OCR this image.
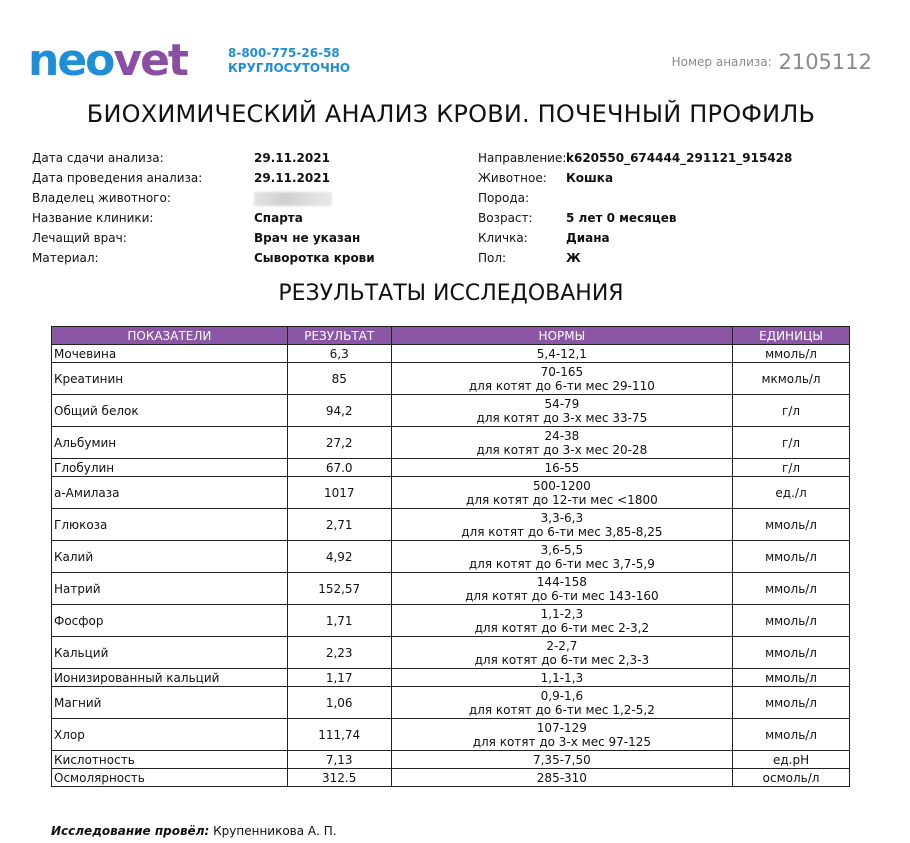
neovet	8-800-775-26-58
КРУГЛОСУТОЧНО	Номер анализа: 2105112
БИОХИМИЧЕСКИЙ АНАЛИЗ КРОВИ. ПОЧЕЧНЫЙ ПРОФИЛЬ
Дата сдачи анализа:	29.11.2021
Дата проведения анализа:	29.11.2021
Владелец животного:
Название клиники:	Спарта
Лечащий врач:	Врач не указан
Материал:	Сыворотка крови
Направление:k620550_674444_291121_915428
Животное: Кошка
Порода:
Возраст:	5 лет 0 месяцев
Кличка:	Диана
Пол:	Ж
РЕЗУЛЬТАТЫ ИССЛЕДОВАНИЯ
ПОКАЗАТЕЛИ	РЕЗУЛЬТАТ	НОРМЫ	ЕДИНИЦЫ
Мочевина	6,3	5,4-12,1	ммоль/л
Креатинин	85	70-165
для котят до 6-ти мес 29-110	мкмоль/л
Общий белок	94,2	54-79
для котят до 3-х мес 33-75	г/л
Альбумин	27,2	24-38
для котят до 3-х мес 20-28	г/л
Глобулин	67.0	16-55	г/л
а-Амилаза	1017	500-1200
для котят до 12-ти мес <1800	ед./л
Глюкоза	2,71	3,3-6,3
для котят до 6-ти мес 3,85-8,25	ммоль/л
Калий	4,92	3,6-5,5
для котят до 6-ти мес 3,7-5,9	ммоль/л
Натрий	152,57	144-158
для котят до 6-ти мес 143-160	ммоль/л
Фосфор	1,71	1,1-2,3
для котят до 6-ти мес 2-3,2	ммоль/л
Кальций	2,23	2-2,7
для котят до 6-ти мес 2,3-3	ммоль/л
Ионизированный кальций	1,17	1,1-1,3	ммоль/л
Магний	1,06	0,9-1,6
для котят до 6-ти мес 1,2-5,2	ммоль/л
Хлор	111,74	107-129
для котят до 3-х мес 97-125	ммоль/л
Кислотность	7,13	7,35-7,50	ед.pH
Осмолярность	312.5	285-310	осмоль/л
Исследование провёл: Крупенникова А. П.
